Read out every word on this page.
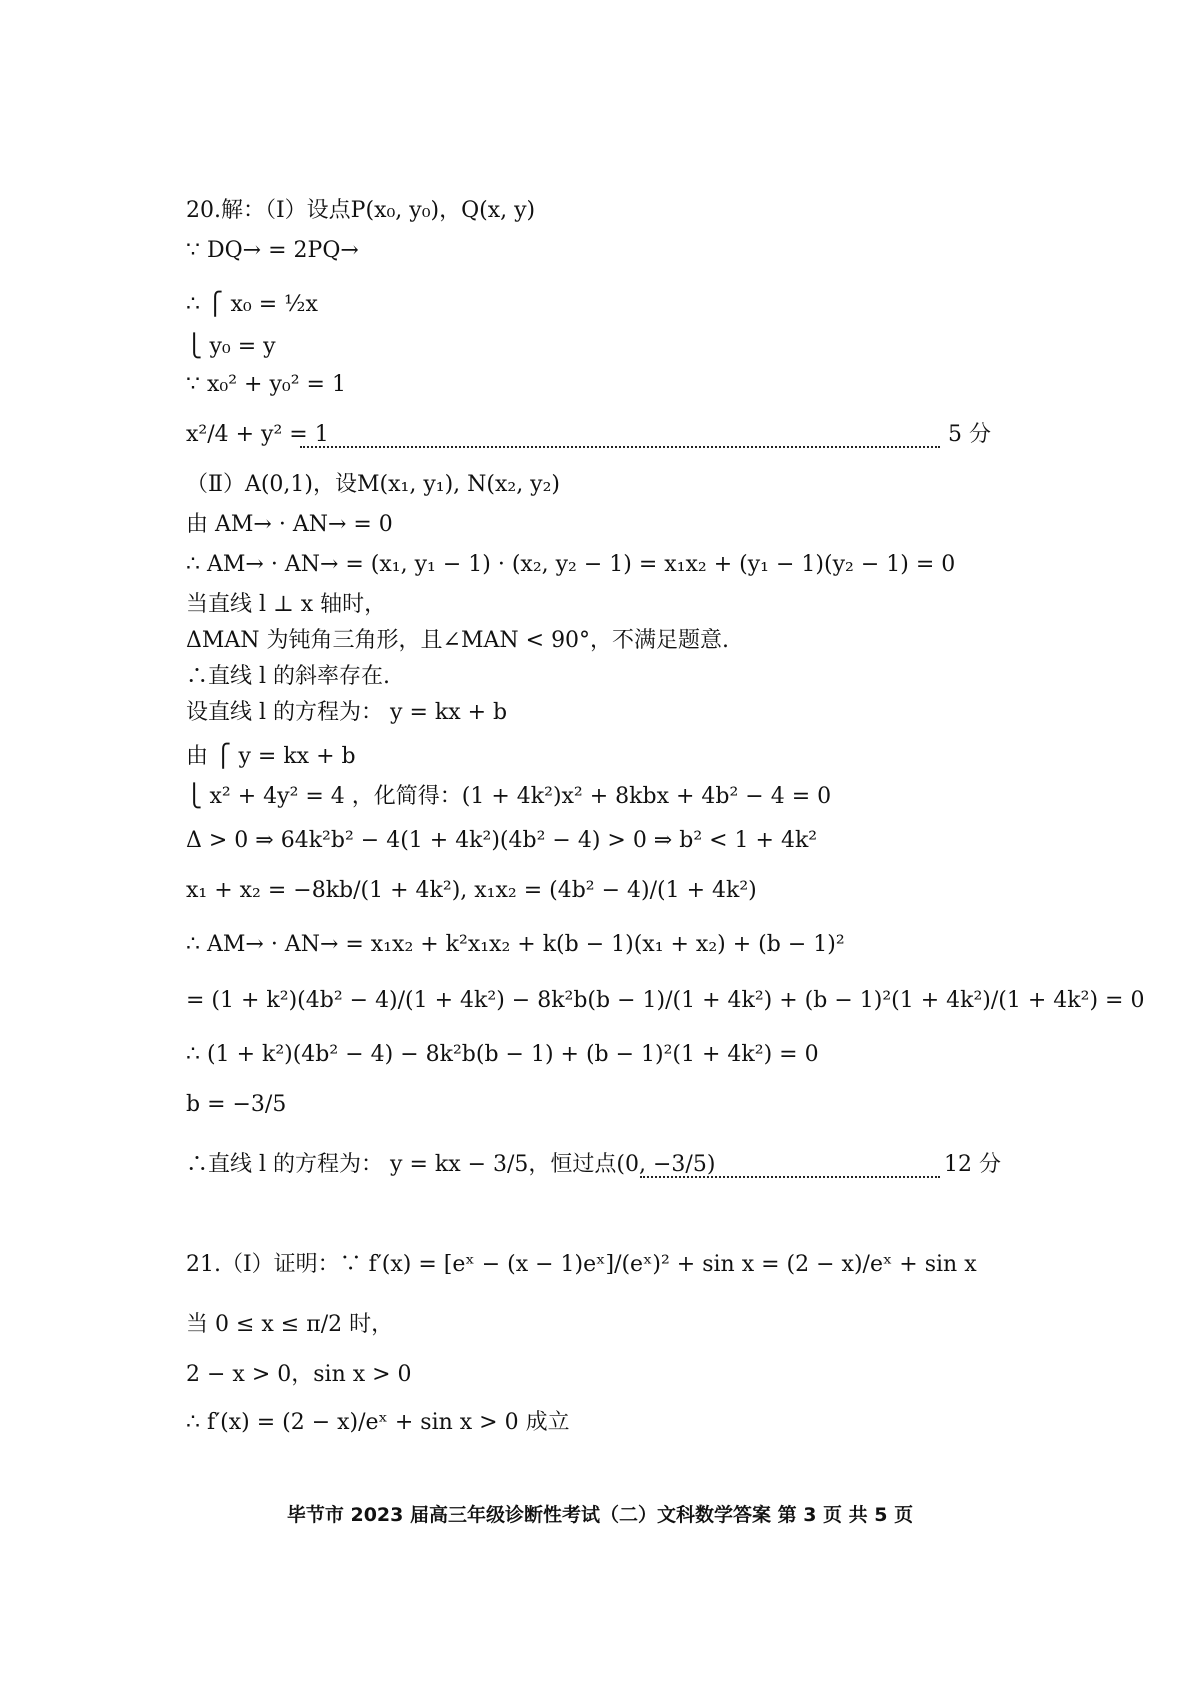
20.解：（Ⅰ）设点P(x₀, y₀)，Q(x, y)
∵ DQ→ = 2PQ→
∴ ⎧ x₀ = ½x
⎩ y₀ = y
∵ x₀² + y₀² = 1
x²/4 + y² = 1	5 分
（Ⅱ）A(0,1)，设M(x₁, y₁), N(x₂, y₂)
由 AM→ · AN→ = 0
∴ AM→ · AN→ = (x₁, y₁ − 1) · (x₂, y₂ − 1) = x₁x₂ + (y₁ − 1)(y₂ − 1) = 0
当直线 l ⊥ x 轴时，
ΔMAN 为钝角三角形，且∠MAN < 90°，不满足题意.
∴直线 l 的斜率存在.
设直线 l 的方程为： y = kx + b
由 ⎧ y = kx + b
⎩ x² + 4y² = 4 ，化简得：(1 + 4k²)x² + 8kbx + 4b² − 4 = 0
Δ > 0 ⇒ 64k²b² − 4(1 + 4k²)(4b² − 4) > 0 ⇒ b² < 1 + 4k²
x₁ + x₂ = −8kb/(1 + 4k²), x₁x₂ = (4b² − 4)/(1 + 4k²)
∴ AM→ · AN→ = x₁x₂ + k²x₁x₂ + k(b − 1)(x₁ + x₂) + (b − 1)²
= (1 + k²)(4b² − 4)/(1 + 4k²) − 8k²b(b − 1)/(1 + 4k²) + (b − 1)²(1 + 4k²)/(1 + 4k²) = 0
∴ (1 + k²)(4b² − 4) − 8k²b(b − 1) + (b − 1)²(1 + 4k²) = 0
b = −3/5
∴直线 l 的方程为： y = kx − 3/5，恒过点(0, −3/5)	12 分
21.（Ⅰ）证明：∵ f′(x) = [eˣ − (x − 1)eˣ]/(eˣ)² + sin x = (2 − x)/eˣ + sin x
当 0 ≤ x ≤ π/2 时，
2 − x > 0，sin x > 0
∴ f′(x) = (2 − x)/eˣ + sin x > 0 成立
毕节市 2023 届高三年级诊断性考试（二）文科数学答案 第 3 页 共 5 页
